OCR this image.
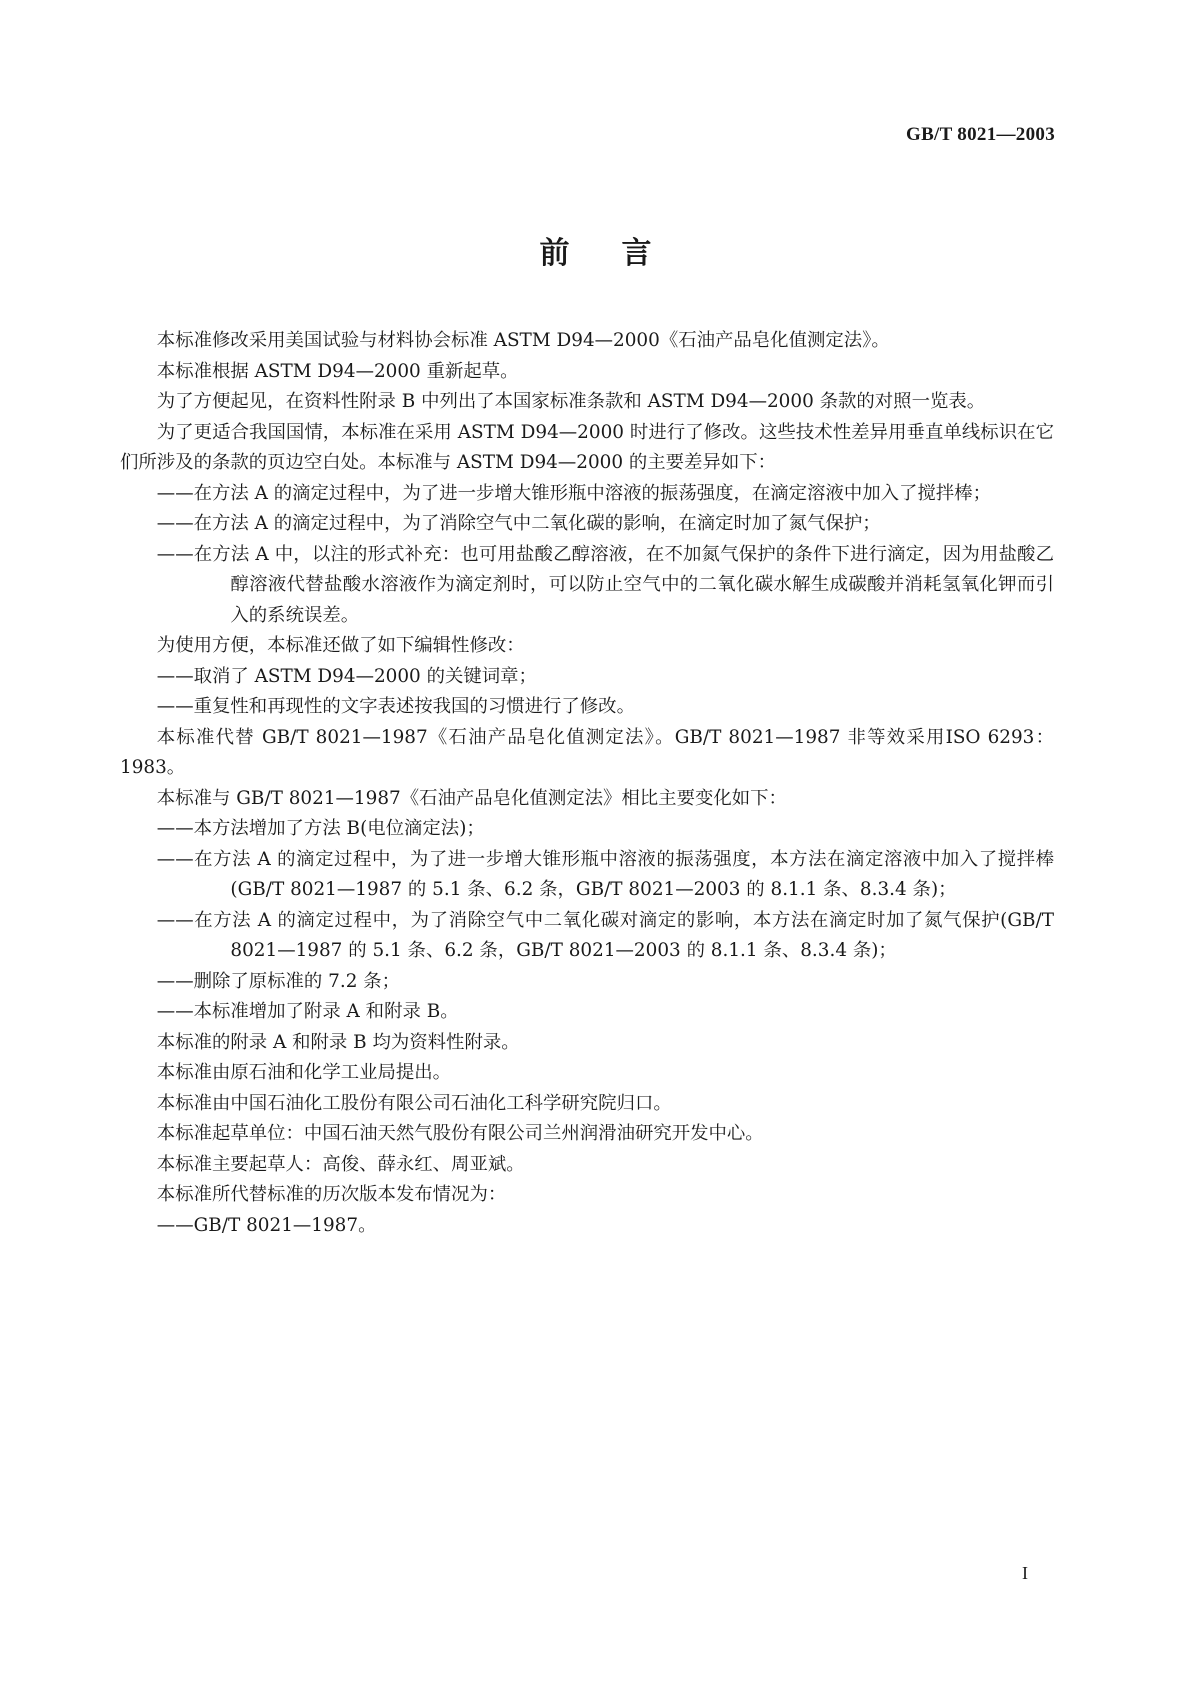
GB/T 8021—2003
前言

本标准修改采用美国试验与材料协会标准 ASTM D94—2000《石油产品皂化值测定法》。

本标准根据 ASTM D94—2000 重新起草。

为了方便起见，在资料性附录 B 中列出了本国家标准条款和 ASTM D94—2000 条款的对照一览表。

为了更适合我国国情，本标准在采用 ASTM D94—2000 时进行了修改。这些技术性差异用垂直单线标识在它们所涉及的条款的页边空白处。本标准与 ASTM D94—2000 的主要差异如下：

——在方法 A 的滴定过程中，为了进一步增大锥形瓶中溶液的振荡强度，在滴定溶液中加入了搅拌棒；

——在方法 A 的滴定过程中，为了消除空气中二氧化碳的影响，在滴定时加了氮气保护；

——在方法 A 中，以注的形式补充：也可用盐酸乙醇溶液，在不加氮气保护的条件下进行滴定，因为用盐酸乙醇溶液代替盐酸水溶液作为滴定剂时，可以防止空气中的二氧化碳水解生成碳酸并消耗氢氧化钾而引入的系统误差。

为使用方便，本标准还做了如下编辑性修改：

——取消了 ASTM D94—2000 的关键词章；

——重复性和再现性的文字表述按我国的习惯进行了修改。

本标准代替 GB/T 8021—1987《石油产品皂化值测定法》。GB/T 8021—1987 非等效采用ISO 6293：1983。

本标准与 GB/T 8021—1987《石油产品皂化值测定法》相比主要变化如下：

——本方法增加了方法 B(电位滴定法)；

——在方法 A 的滴定过程中，为了进一步增大锥形瓶中溶液的振荡强度，本方法在滴定溶液中加入了搅拌棒(GB/T 8021—1987 的 5.1 条、6.2 条，GB/T 8021—2003 的 8.1.1 条、8.3.4 条)；

——在方法 A 的滴定过程中，为了消除空气中二氧化碳对滴定的影响，本方法在滴定时加了氮气保护(GB/T 8021—1987 的 5.1 条、6.2 条，GB/T 8021—2003 的 8.1.1 条、8.3.4 条)；

——删除了原标准的 7.2 条；

——本标准增加了附录 A 和附录 B。

本标准的附录 A 和附录 B 均为资料性附录。

本标准由原石油和化学工业局提出。

本标准由中国石油化工股份有限公司石油化工科学研究院归口。

本标准起草单位：中国石油天然气股份有限公司兰州润滑油研究开发中心。

本标准主要起草人：高俊、薛永红、周亚斌。

本标准所代替标准的历次版本发布情况为：

——GB/T 8021—1987。

I
